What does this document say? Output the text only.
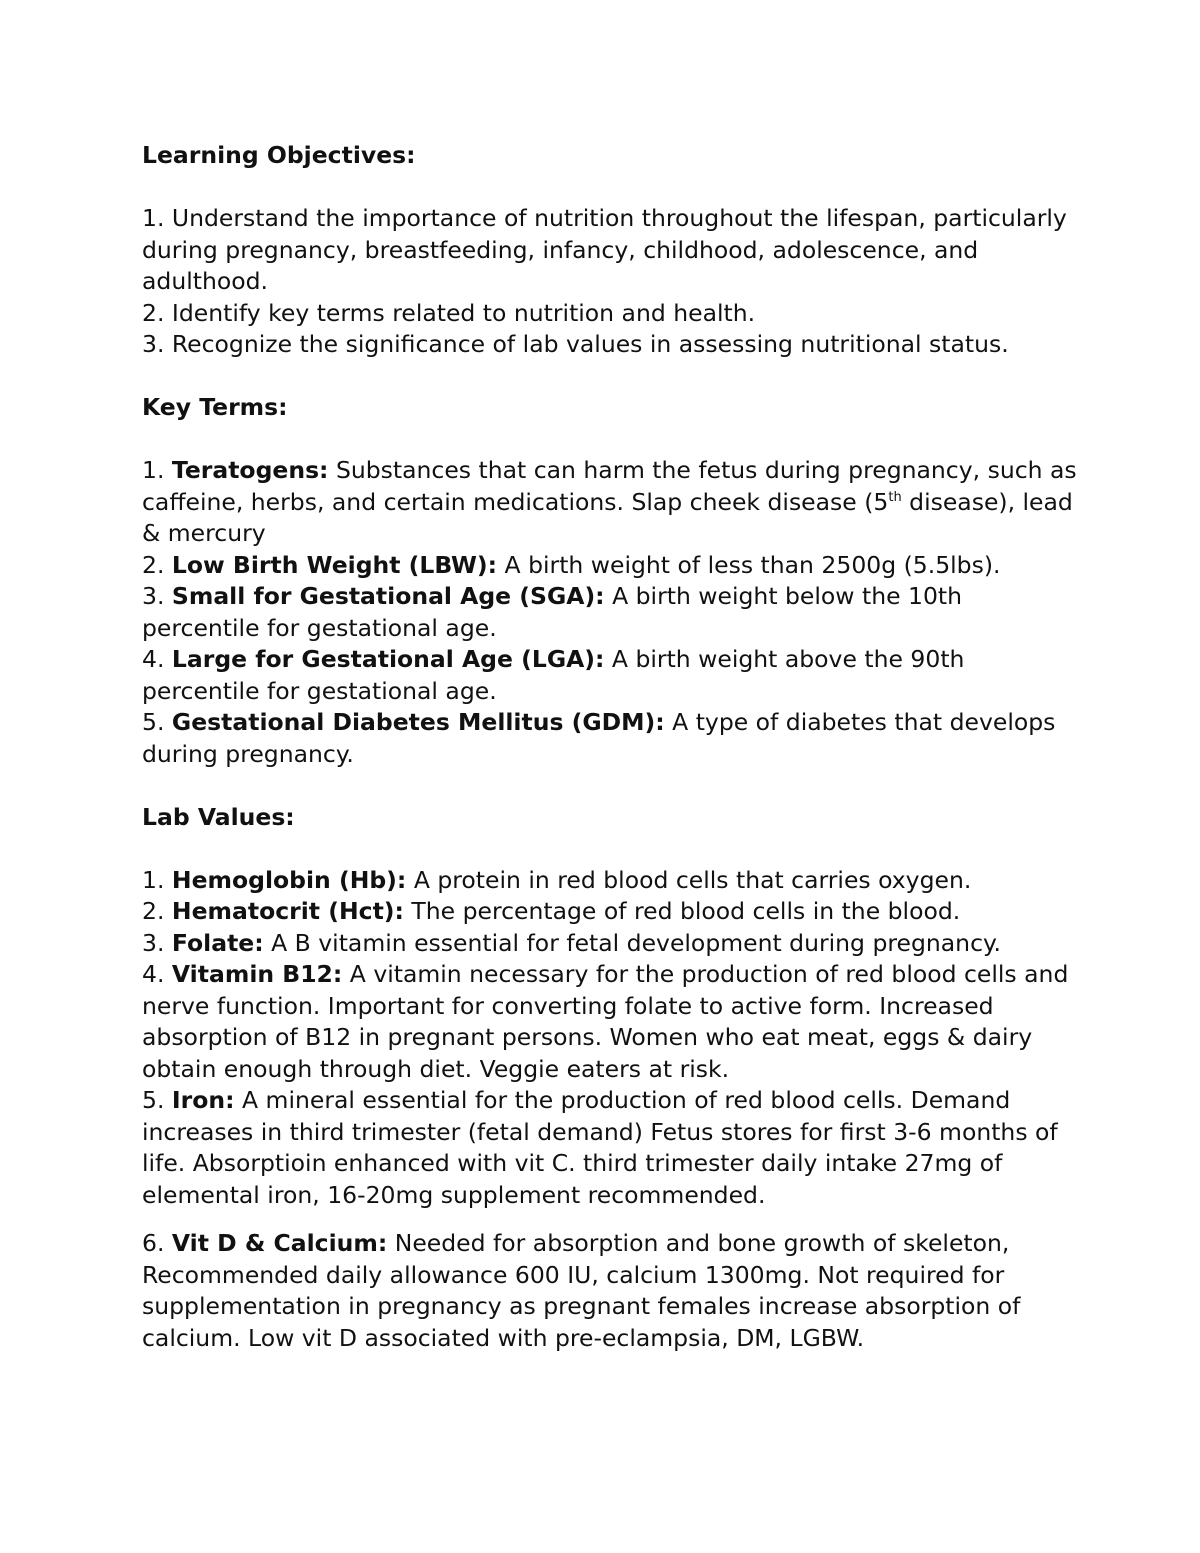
Learning Objectives:

1. Understand the importance of nutrition throughout the lifespan, particularly during pregnancy, breastfeeding, infancy, childhood, adolescence, and adulthood.

2. Identify key terms related to nutrition and health.

3. Recognize the significance of lab values in assessing nutritional status.

Key Terms:

1. Teratogens: Substances that can harm the fetus during pregnancy, such as caffeine, herbs, and certain medications. Slap cheek disease (5th disease), lead & mercury

2. Low Birth Weight (LBW): A birth weight of less than 2500g (5.5lbs).

3. Small for Gestational Age (SGA): A birth weight below the 10th percentile for gestational age.

4. Large for Gestational Age (LGA): A birth weight above the 90th percentile for gestational age.

5. Gestational Diabetes Mellitus (GDM): A type of diabetes that develops during pregnancy.

Lab Values:

1. Hemoglobin (Hb): A protein in red blood cells that carries oxygen.

2. Hematocrit (Hct): The percentage of red blood cells in the blood.

3. Folate: A B vitamin essential for fetal development during pregnancy.

4. Vitamin B12: A vitamin necessary for the production of red blood cells and nerve function. Important for converting folate to active form. Increased absorption of B12 in pregnant persons. Women who eat meat, eggs & dairy obtain enough through diet. Veggie eaters at risk.

5. Iron: A mineral essential for the production of red blood cells. Demand increases in third trimester (fetal demand) Fetus stores for first 3-6 months of life. Absorptioin enhanced with vit C. third trimester daily intake 27mg of elemental iron, 16-20mg supplement recommended.

6. Vit D & Calcium: Needed for absorption and bone growth of skeleton, Recommended daily allowance 600 IU, calcium 1300mg. Not required for supplementation in pregnancy as pregnant females increase absorption of calcium. Low vit D associated with pre-eclampsia, DM, LGBW.
